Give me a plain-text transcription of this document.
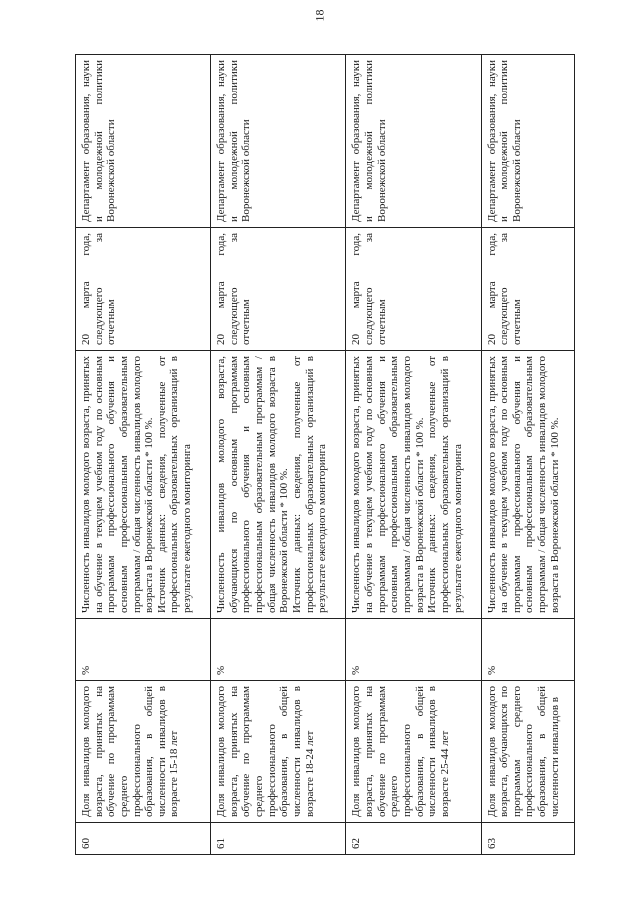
18
60	Доля инвалидов молодого возраста, принятых на обучение по программам среднего профессионального образования, в общей численности инвалидов в возрасте 15-18 лет	%	Численность инвалидов молодого возраста, принятых на обучение в текущем учебном году по основным программам профессионального обучения и основным профессиональным образовательным программам / общая численность инвалидов молодого возраста в Воронежской области * 100 %. Источник данных: сведения, полученные от профессиональных образовательных организаций в результате ежегодного мониторинга	20 марта года, следующего за отчетным	Департамент образования, науки и молодежной политики Воронежской области
61	Доля инвалидов молодого возраста, принятых на обучение по программам среднего профессионального образования, в общей численности инвалидов в возрасте 18-24 лет	%	Численность инвалидов молодого возраста, обучающихся по основным программам профессионального обучения и основным профессиональным образовательным программам / общая численность инвалидов молодого возраста в Воронежской области * 100 %. Источник данных: сведения, полученные от профессиональных образовательных организаций в результате ежегодного мониторинга	20 марта года, следующего за отчетным	Департамент образования, науки и молодежной политики Воронежской области
62	Доля инвалидов молодого возраста, принятых на обучение по программам среднего профессионального образования, в общей численности инвалидов в возрасте 25-44 лет	%	Численность инвалидов молодого возраста, принятых на обучение в текущем учебном году по основным программам профессионального обучения и основным профессиональным образовательным программам / общая численность инвалидов молодого возраста в Воронежской области * 100 %. Источник данных: сведения, полученные от профессиональных образовательных организаций в результате ежегодного мониторинга	20 марта года, следующего за отчетным	Департамент образования, науки и молодежной политики Воронежской области
63	Доля инвалидов молодого возраста, обучающихся по программам среднего профессионального образования, в общей численности инвалидов в	%	Численность инвалидов молодого возраста, принятых на обучение в текущем учебном году по основным программам профессионального обучения и основным профессиональным образовательным программам / общая численность инвалидов молодого возраста в Воронежской области * 100 %.	20 марта года, следующего за отчетным	Департамент образования, науки и молодежной политики Воронежской области
